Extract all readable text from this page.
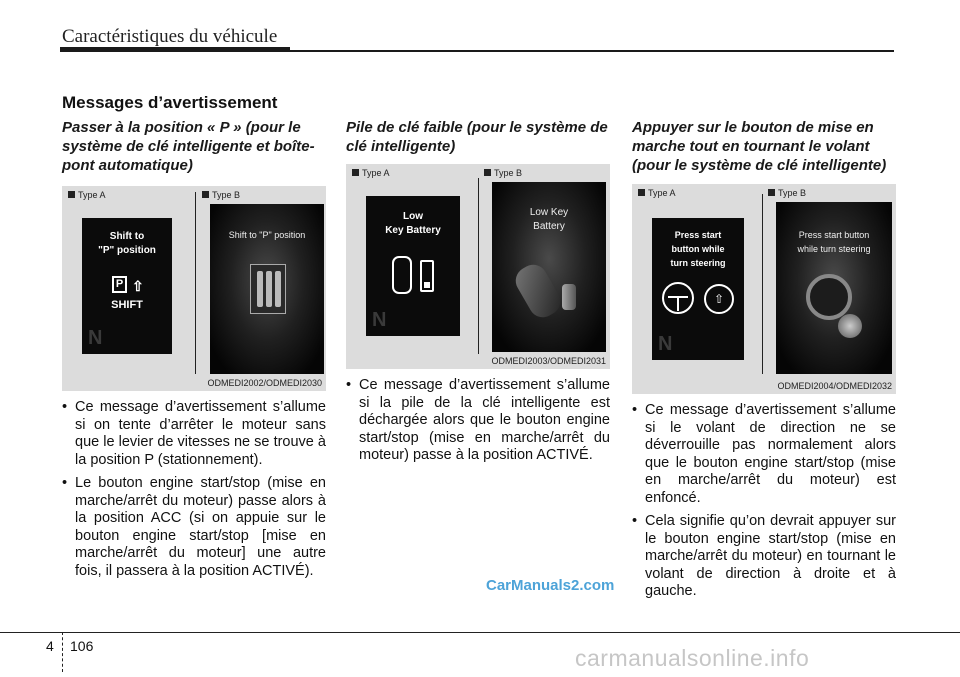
Caractéristiques du véhicule
Messages d’avertissement
Passer à la position « P » (pour le système de clé intelligente et boîte-pont automatique)
Type A	Type B
Shift to
"P" position
P ⇧
SHIFT
N
Shift to "P" position
ODMEDI2002/ODMEDI2030
• Ce message d’avertissement s’allume si on tente d’arrêter le moteur sans que le levier de vitesses ne se trouve à la position P (stationnement).
• Le bouton engine start/stop (mise en marche/arrêt du moteur) passe alors à la position ACC (si on appuie sur le bouton engine start/stop [mise en marche/arrêt du moteur] une autre fois, il passera à la position ACTIVÉ).
Pile de clé faible (pour le système de clé intelligente)
Type A	Type B
Low
Key Battery
N
Low Key
Battery
ODMEDI2003/ODMEDI2031
• Ce message d’avertissement s’allume si la pile de la clé intelligente est déchargée alors que le bouton engine start/stop (mise en marche/arrêt du moteur) passe à la position ACTIVÉ.
Appuyer sur le bouton de mise en marche tout en tournant le volant (pour le système de clé intelligente)
Type A	Type B
Press start
button while
turn steering
⇧
N
Press start button
while turn steering
ODMEDI2004/ODMEDI2032
• Ce message d’avertissement s’allume si le volant de direction ne se déverrouille pas normalement alors que le bouton engine start/stop (mise en marche/arrêt du moteur) est enfoncé.
• Cela signifie qu’on devrait appuyer sur le bouton engine start/stop (mise en marche/arrêt du moteur) en tournant le volant de direction à droite et à gauche.
CarManuals2.com
4 106	carmanualsonline.info
